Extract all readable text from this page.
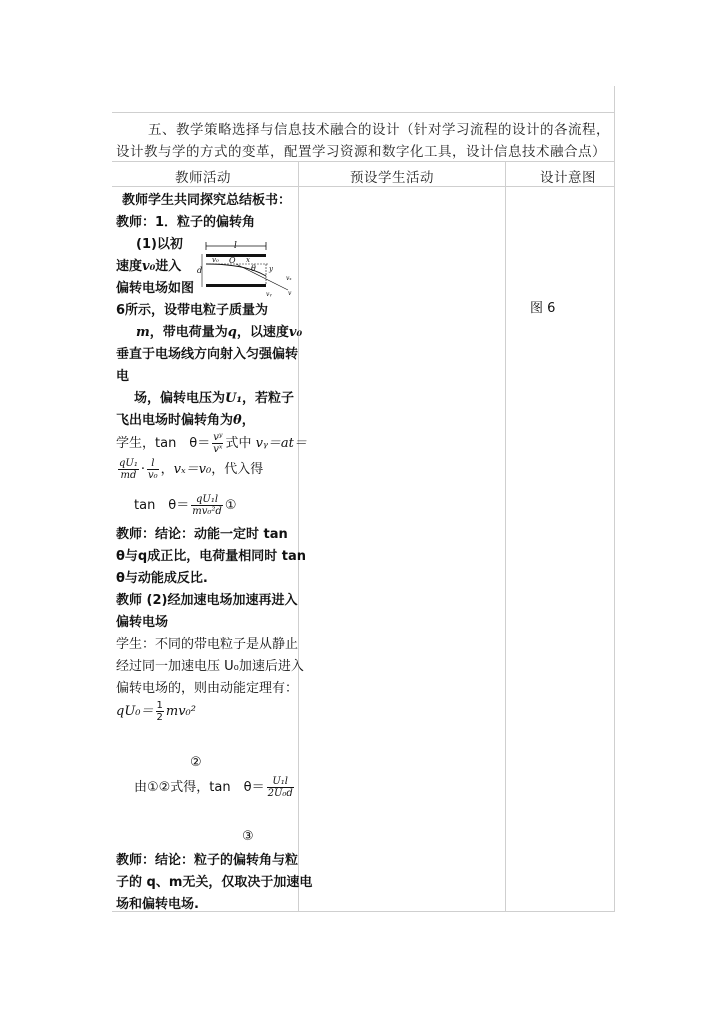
五、教学策略选择与信息技术融合的设计（针对学习流程的设计的各流程，
设计教与学的方式的变革，配置学习资源和数字化工具，设计信息技术融合点）
教师活动	预设学生活动	设计意图
图 6
教师学生共同探究总结板书：
教师：1．粒子的偏转角
(1)以初
速度v₀进入
偏转电场如图
l
d
v₀ O x
θ y
vₓ
v
vᵧ
6所示，设带电粒子质量为
m，带电荷量为q，以速度v₀
垂直于电场线方向射入匀强偏转
电
场，偏转电压为U₁，若粒子
飞出电场时偏转角为θ，
学生，tan　$\theta= \frac{\text{vʸ}}{\text{vˣ}}$ 式中 vᵧ＝at＝
$\frac{\text{qU₁}}{md} \cdot \frac{l}{\text{v₀}}$ ，vₓ＝v₀，代入得
tan　$\theta= \frac{\text{qU₁l}}{\text{mv₀²d}}$ ①
教师：结论：动能一定时 tan
θ与q成正比，电荷量相同时 tan
θ与动能成反比.
教师 (2)经加速电场加速再进入
偏转电场
学生：不同的带电粒子是从静止
经过同一加速电压 U₀加速后进入
偏转电场的，则由动能定理有：
$qU_0= \frac{1}{2} mv_0^2$
②
由①②式得，tan　$\theta= \frac{\text{U₁l}}{\text{2U₀d}}$
③
教师：结论：粒子的偏转角与粒
子的 q、m无关，仅取决于加速电
场和偏转电场.
